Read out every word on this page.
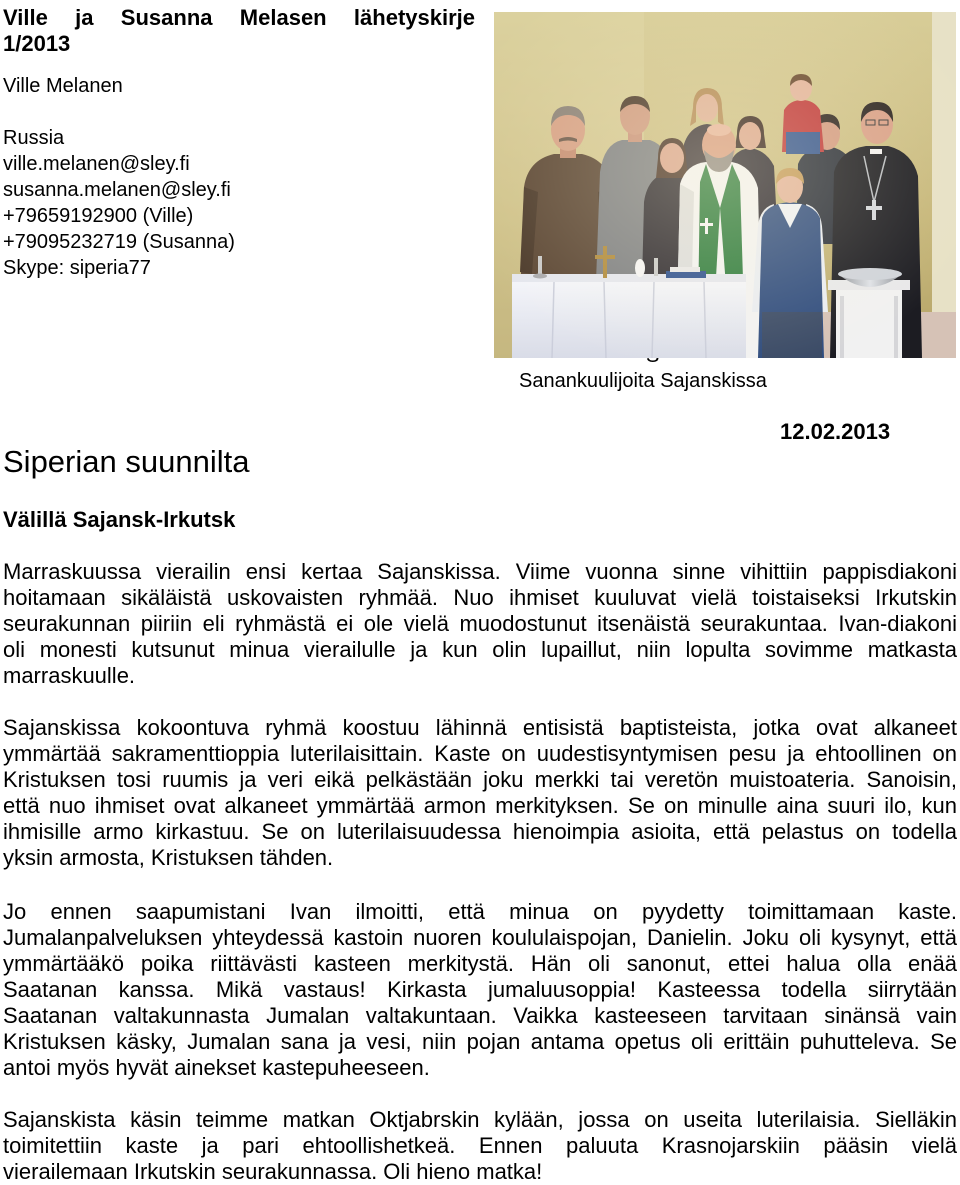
Ville ja Susanna Melasen lähetyskirje
1/2013
Ville Melanen
Russia
ville.melanen@sley.fi
susanna.melanen@sley.fi
+79659192900 (Ville)
+79095232719 (Susanna)
Skype: siperia77
Sanankuulijoita Sajanskissa
12.02.2013
Siperian suunnilta
Välillä Sajansk-Irkutsk
Marraskuussa vierailin ensi kertaa Sajanskissa. Viime vuonna sinne vihittiin pappisdiakoni
hoitamaan sikäläistä uskovaisten ryhmää. Nuo ihmiset kuuluvat vielä toistaiseksi Irkutskin
seurakunnan piiriin eli ryhmästä ei ole vielä muodostunut itsenäistä seurakuntaa. Ivan-diakoni
oli monesti kutsunut minua vierailulle ja kun olin lupaillut, niin lopulta sovimme matkasta
marraskuulle.
Sajanskissa kokoontuva ryhmä koostuu lähinnä entisistä baptisteista, jotka ovat alkaneet
ymmärtää sakramenttioppia luterilaisittain. Kaste on uudestisyntymisen pesu ja ehtoollinen on
Kristuksen tosi ruumis ja veri eikä pelkästään joku merkki tai veretön muistoateria. Sanoisin,
että nuo ihmiset ovat alkaneet ymmärtää armon merkityksen. Se on minulle aina suuri ilo, kun
ihmisille armo kirkastuu. Se on luterilaisuudessa hienoimpia asioita, että pelastus on todella
yksin armosta, Kristuksen tähden.
Jo ennen saapumistani Ivan ilmoitti, että minua on pyydetty toimittamaan kaste.
Jumalanpalveluksen yhteydessä kastoin nuoren koululaispojan, Danielin. Joku oli kysynyt, että
ymmärtääkö poika riittävästi kasteen merkitystä. Hän oli sanonut, ettei halua olla enää
Saatanan kanssa. Mikä vastaus! Kirkasta jumaluusoppia! Kasteessa todella siirrytään
Saatanan valtakunnasta Jumalan valtakuntaan. Vaikka kasteeseen tarvitaan sinänsä vain
Kristuksen käsky, Jumalan sana ja vesi, niin pojan antama opetus oli erittäin puhutteleva. Se
antoi myös hyvät ainekset kastepuheeseen.
Sajanskista käsin teimme matkan Oktjabrskin kylään, jossa on useita luterilaisia. Sielläkin
toimitettiin kaste ja pari ehtoollishetkeä. Ennen paluuta Krasnojarskiin pääsin vielä
vierailemaan Irkutskin seurakunnassa. Oli hieno matka!
